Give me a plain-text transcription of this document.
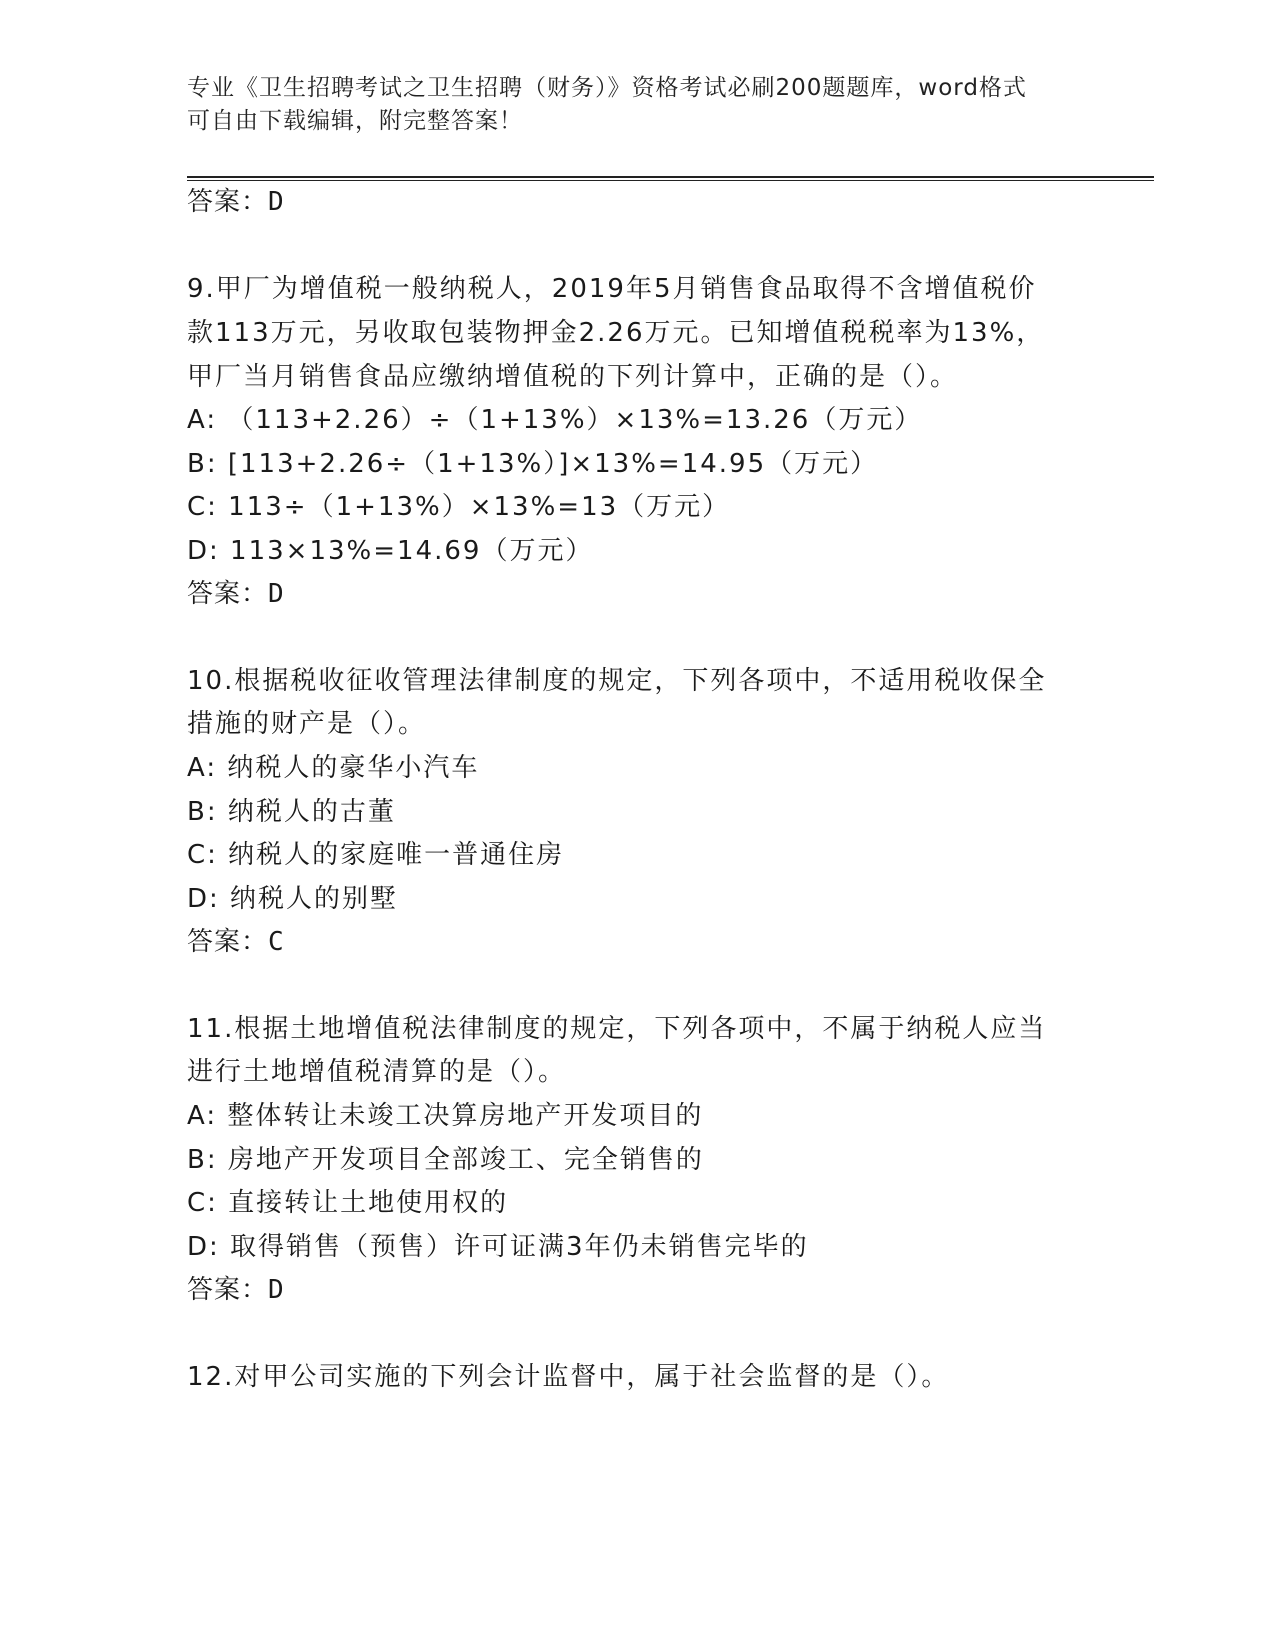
专业《卫生招聘考试之卫生招聘（财务）》资格考试必刷200题题库，word格式
可自由下载编辑，附完整答案！
答案：D
9.甲厂为增值税一般纳税人，2019年5月销售食品取得不含增值税价
款113万元，另收取包装物押金2.26万元。已知增值税税率为13%，
甲厂当月销售食品应缴纳增值税的下列计算中，正确的是（）。
A: （113+2.26）÷（1+13%）×13%=13.26（万元）
B: [113+2.26÷（1+13%）]×13%=14.95（万元）
C: 113÷（1+13%）×13%=13（万元）
D: 113×13%=14.69（万元）
答案：D
10.根据税收征收管理法律制度的规定，下列各项中，不适用税收保全
措施的财产是（）。
A: 纳税人的豪华小汽车
B: 纳税人的古董
C: 纳税人的家庭唯一普通住房
D: 纳税人的别墅
答案：C
11.根据土地增值税法律制度的规定，下列各项中，不属于纳税人应当
进行土地增值税清算的是（）。
A: 整体转让未竣工决算房地产开发项目的
B: 房地产开发项目全部竣工、完全销售的
C: 直接转让土地使用权的
D: 取得销售（预售）许可证满3年仍未销售完毕的
答案：D
12.对甲公司实施的下列会计监督中，属于社会监督的是（）。
